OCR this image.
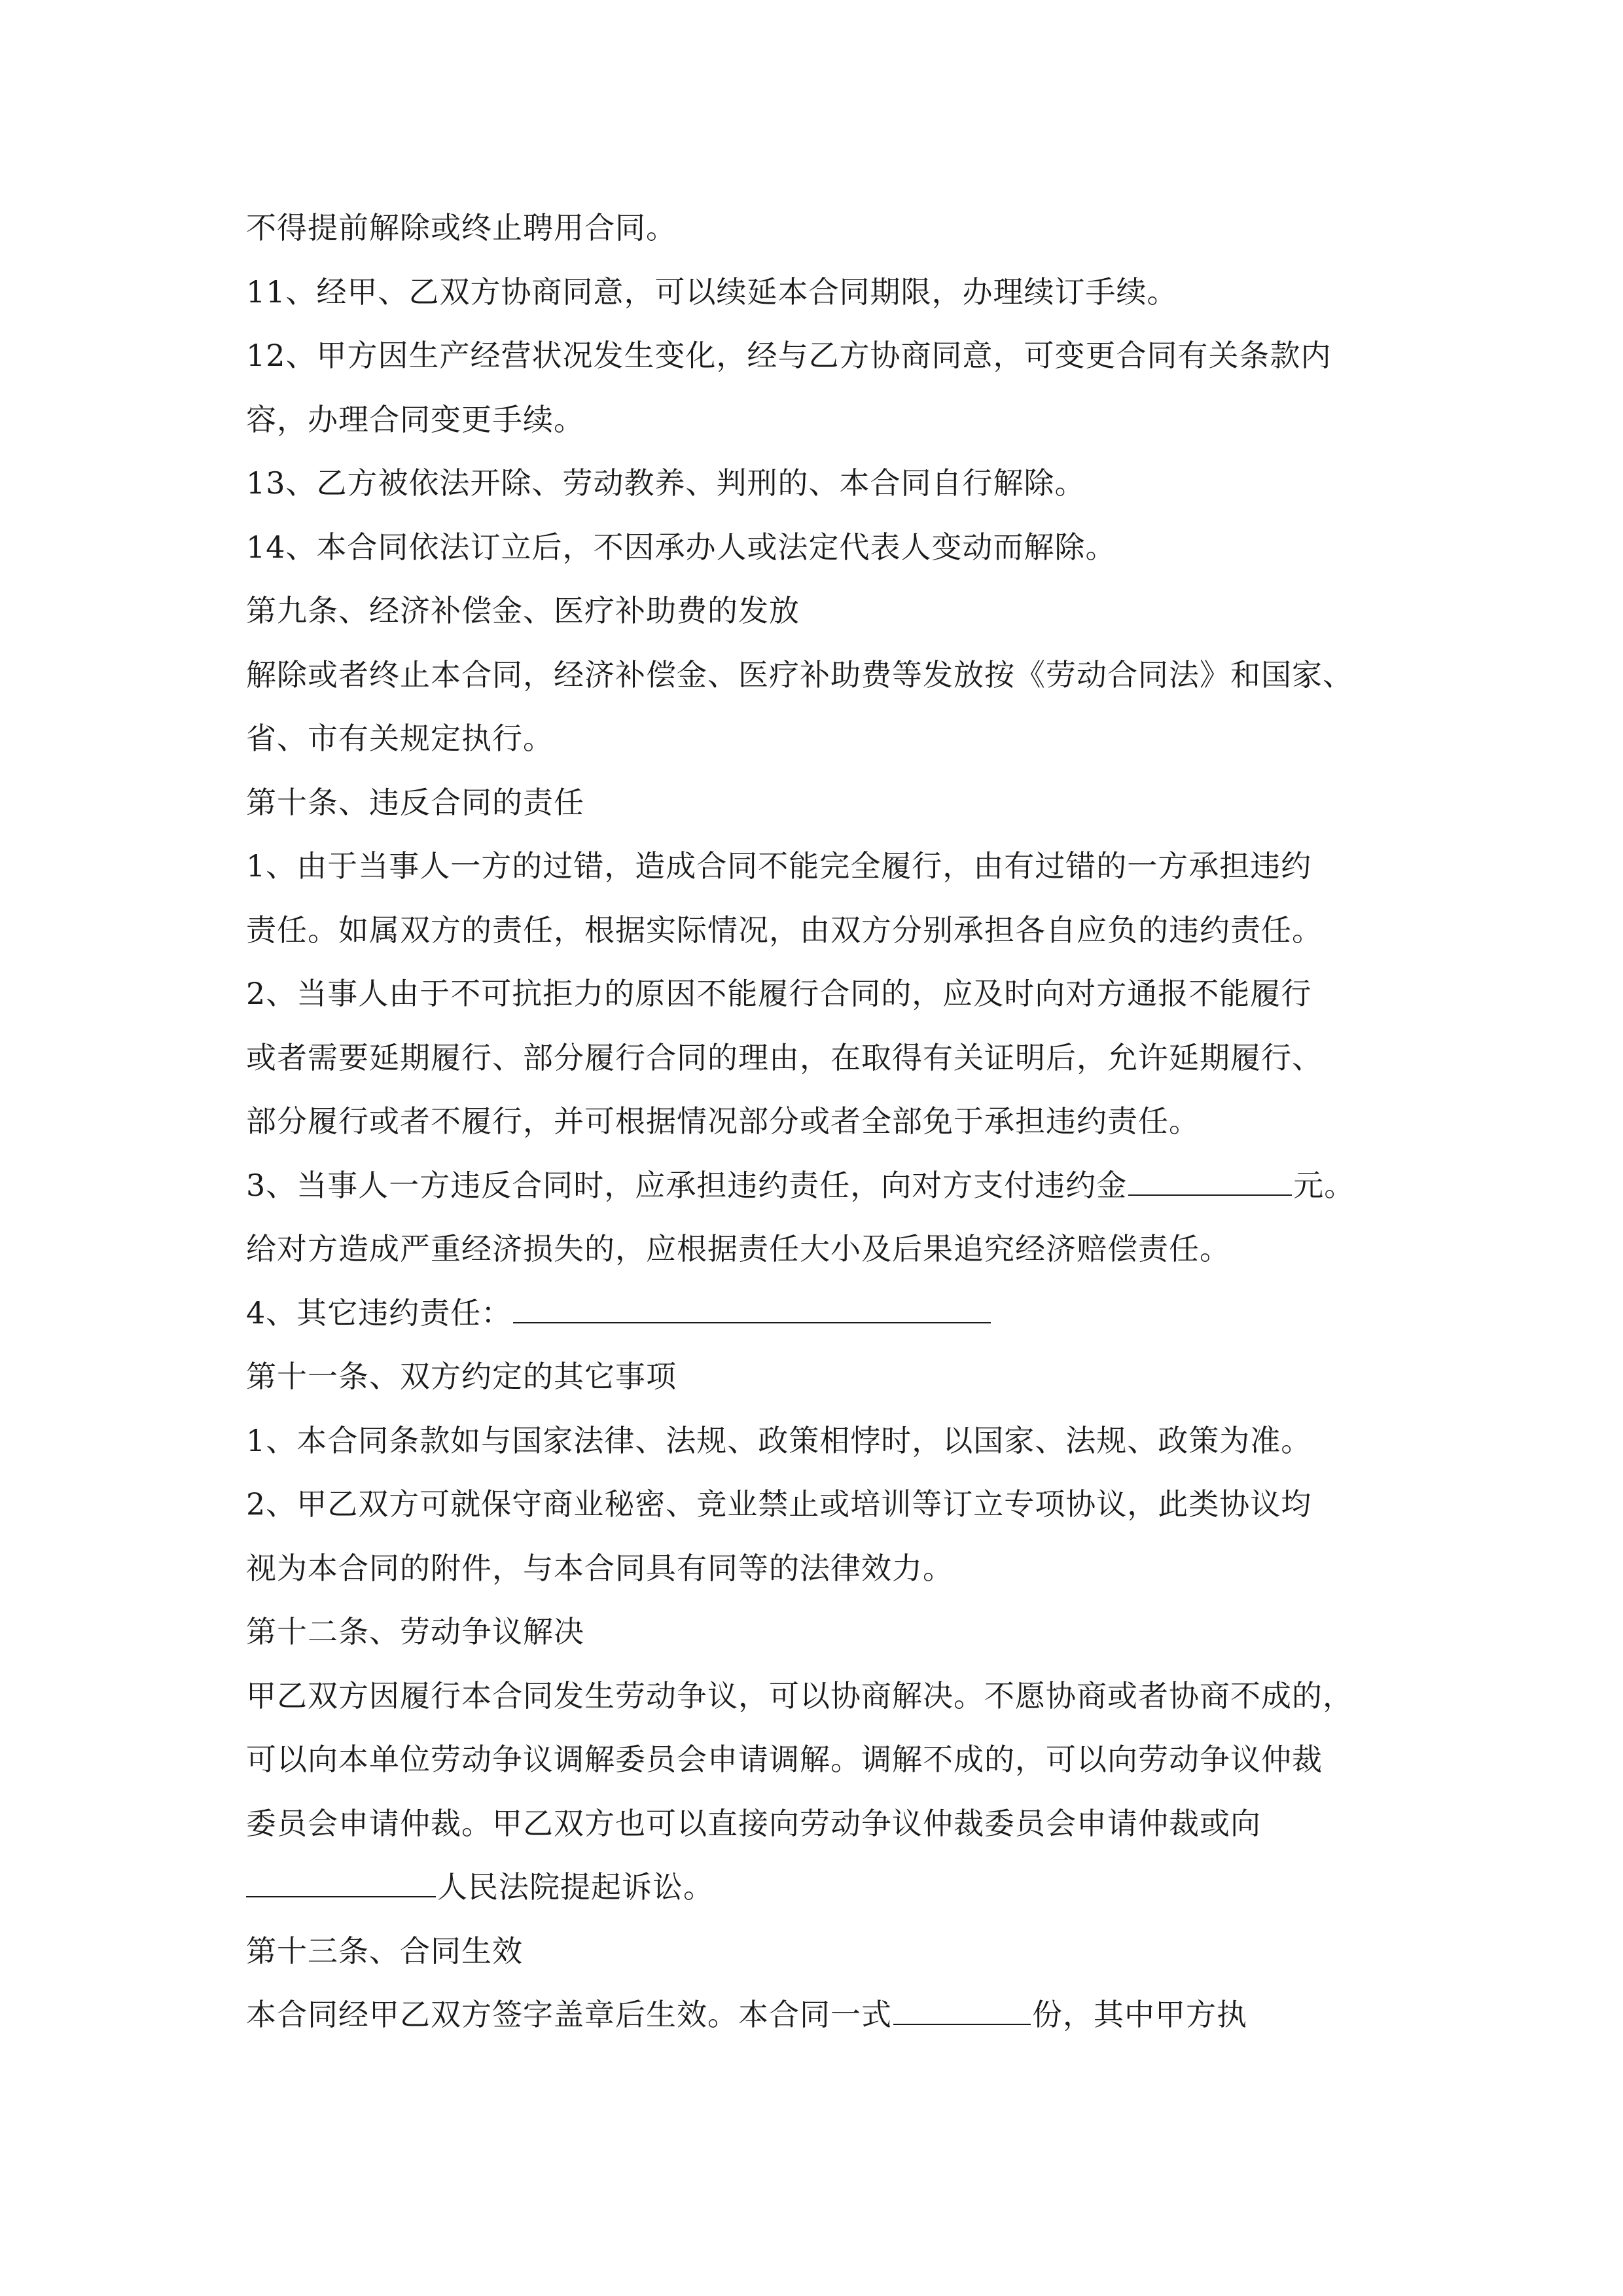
不得提前解除或终止聘用合同。
11、经甲、乙双方协商同意，可以续延本合同期限，办理续订手续。
12、甲方因生产经营状况发生变化，经与乙方协商同意，可变更合同有关条款内
容，办理合同变更手续。
13、乙方被依法开除、劳动教养、判刑的、本合同自行解除。
14、本合同依法订立后，不因承办人或法定代表人变动而解除。
第九条、经济补偿金、医疗补助费的发放
解除或者终止本合同，经济补偿金、医疗补助费等发放按《劳动合同法》和国家、
省、市有关规定执行。
第十条、违反合同的责任
1、由于当事人一方的过错，造成合同不能完全履行，由有过错的一方承担违约
责任。如属双方的责任，根据实际情况，由双方分别承担各自应负的违约责任。
2、当事人由于不可抗拒力的原因不能履行合同的，应及时向对方通报不能履行
或者需要延期履行、部分履行合同的理由，在取得有关证明后，允许延期履行、
部分履行或者不履行，并可根据情况部分或者全部免于承担违约责任。
3、当事人一方违反合同时，应承担违约责任，向对方支付违约金	元。
给对方造成严重经济损失的，应根据责任大小及后果追究经济赔偿责任。
4、其它违约责任：
第十一条、双方约定的其它事项
1、本合同条款如与国家法律、法规、政策相悖时，以国家、法规、政策为准。
2、甲乙双方可就保守商业秘密、竞业禁止或培训等订立专项协议，此类协议均
视为本合同的附件，与本合同具有同等的法律效力。
第十二条、劳动争议解决
甲乙双方因履行本合同发生劳动争议，可以协商解决。不愿协商或者协商不成的，
可以向本单位劳动争议调解委员会申请调解。调解不成的，可以向劳动争议仲裁
委员会申请仲裁。甲乙双方也可以直接向劳动争议仲裁委员会申请仲裁或向
人民法院提起诉讼。
第十三条、合同生效
本合同经甲乙双方签字盖章后生效。本合同一式	份，其中甲方执
